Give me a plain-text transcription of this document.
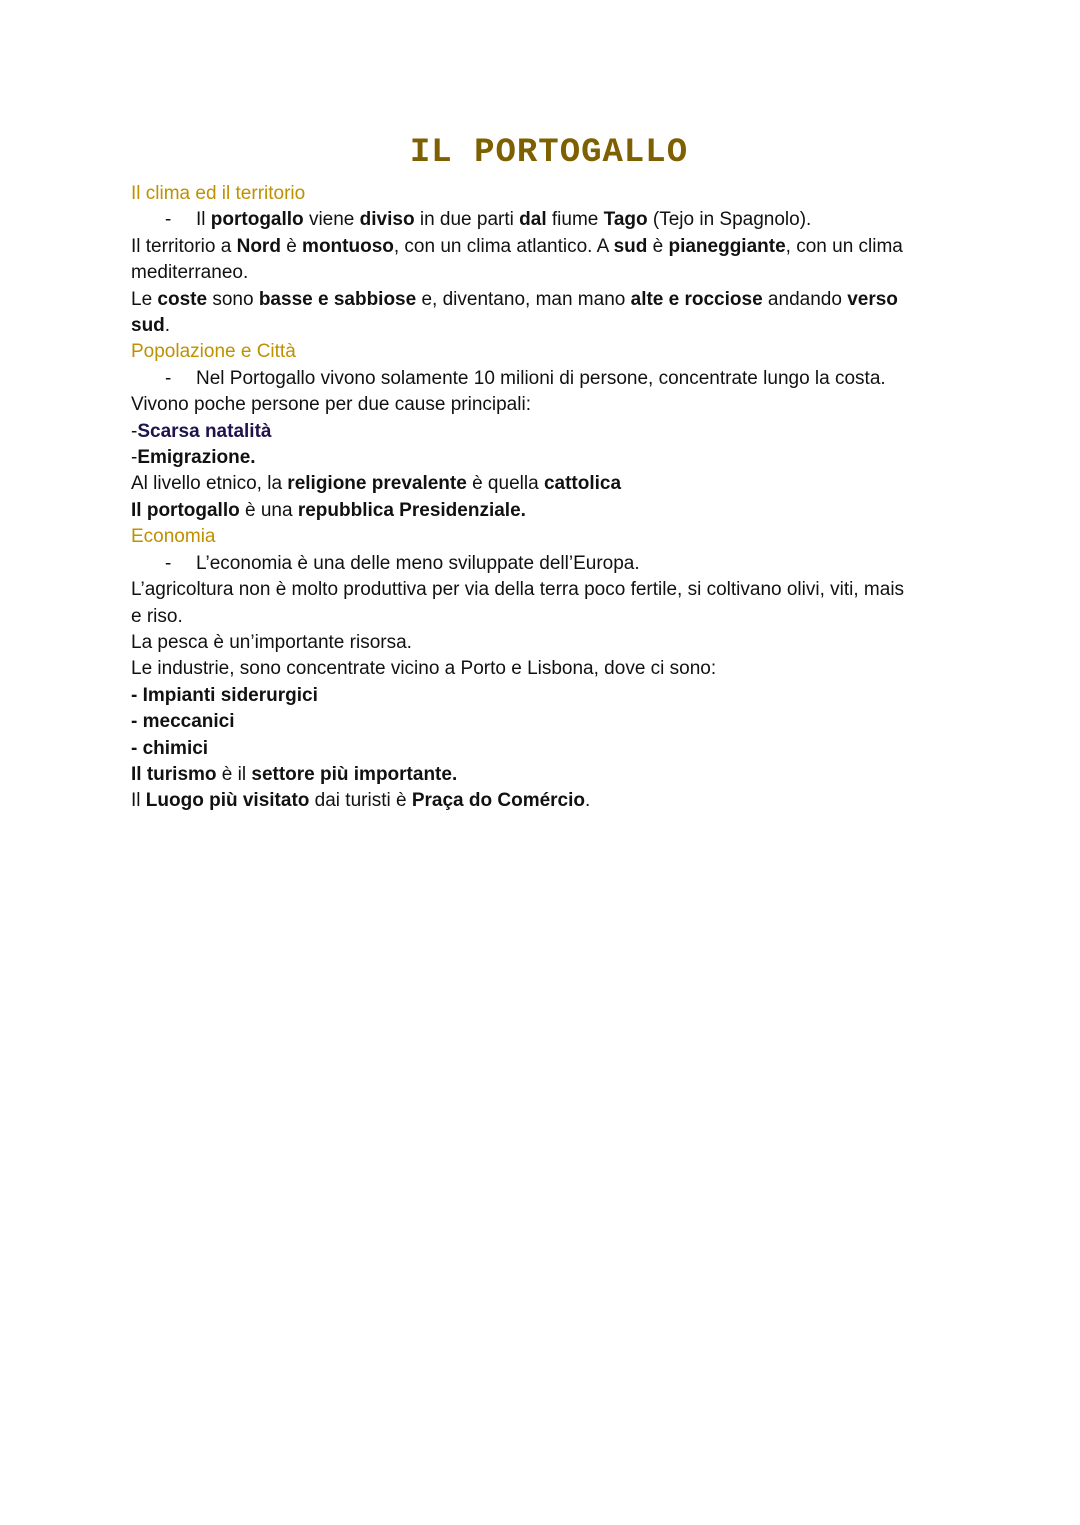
IL PORTOGALLO

Il clima ed il territorio

- Il portogallo viene diviso in due parti dal fiume Tago (Tejo in Spagnolo).

Il territorio a Nord è montuoso, con un clima atlantico. A sud è pianeggiante, con un clima

mediterraneo.

Le coste sono basse e sabbiose e, diventano, man mano alte e rocciose andando verso

sud.

Popolazione e Città

- Nel Portogallo vivono solamente 10 milioni di persone, concentrate lungo la costa.

Vivono poche persone per due cause principali:

-Scarsa natalità

-Emigrazione.

Al livello etnico, la religione prevalente è quella cattolica

Il portogallo è una repubblica Presidenziale.

Economia

- L’economia è una delle meno sviluppate dell’Europa.

L’agricoltura non è molto produttiva per via della terra poco fertile, si coltivano olivi, viti, mais

e riso.

La pesca è un’importante risorsa.

Le industrie, sono concentrate vicino a Porto e Lisbona, dove ci sono:

- Impianti siderurgici

- meccanici

- chimici

Il turismo è il settore più importante.

Il Luogo più visitato dai turisti è Praça do Comércio.
